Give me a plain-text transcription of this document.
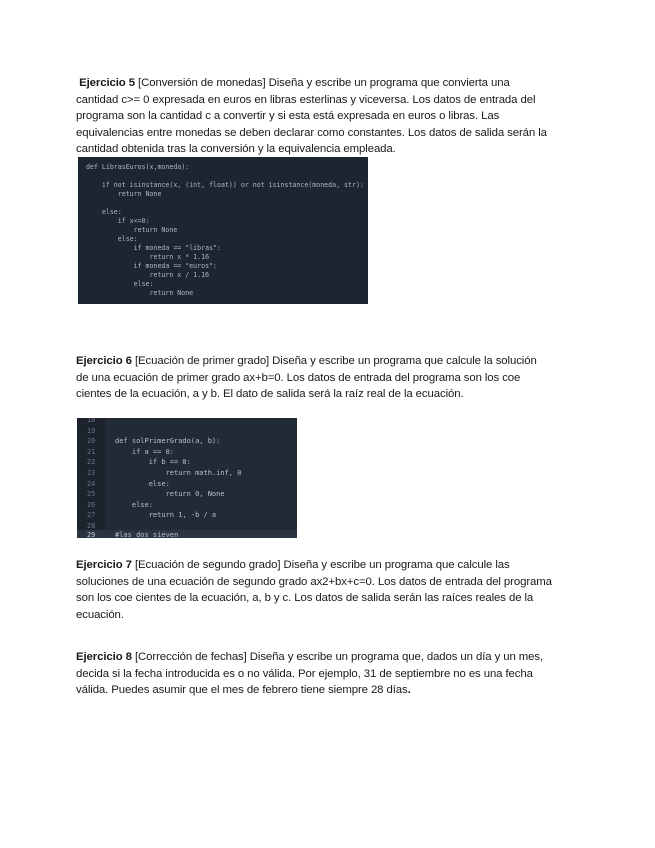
Ejercicio 5 [Conversión de monedas] Diseña y escribe un programa que convierta una
cantidad c>= 0 expresada en euros en libras esterlinas y viceversa. Los datos de entrada del
programa son la cantidad c a convertir y si esta está expresada en euros o libras. Las
equivalencias entre monedas se deben declarar como constantes. Los datos de salida serán la
cantidad obtenida tras la conversión y la equivalencia empleada.

def LibrasEuros(x,moneda):

if not isinstance(x, (int, float)) or not isinstance(moneda, str):

return None

else:

if x<=0:

return None

else:

if moneda == "libras":

return x * 1.16

if moneda == "euros":

return x / 1.16

else:

return None

Ejercicio 6 [Ecuación de primer grado] Diseña y escribe un programa que calcule la solución
de una ecuación de primer grado ax+b=0. Los datos de entrada del programa son los coe
cientes de la ecuación, a y b. El dato de salida será la raíz real de la ecuación.

18

19

20	def solPrimerGrado(a, b):

21	if a == 0:

22	if b == 0:

23	return math.inf, 0

24	else:

25	return 0, None

26	else:

27	return 1, -b / a

28

29	#las dos sieven

Ejercicio 7 [Ecuación de segundo grado] Diseña y escribe un programa que calcule las
soluciones de una ecuación de segundo grado ax2+bx+c=0. Los datos de entrada del programa
son los coe cientes de la ecuación, a, b y c. Los datos de salida serán las raíces reales de la
ecuación.
Ejercicio 8 [Corrección de fechas] Diseña y escribe un programa que, dados un día y un mes,
decida si la fecha introducida es o no válida. Por ejemplo, 31 de septiembre no es una fecha
válida. Puedes asumir que el mes de febrero tiene siempre 28 días.
